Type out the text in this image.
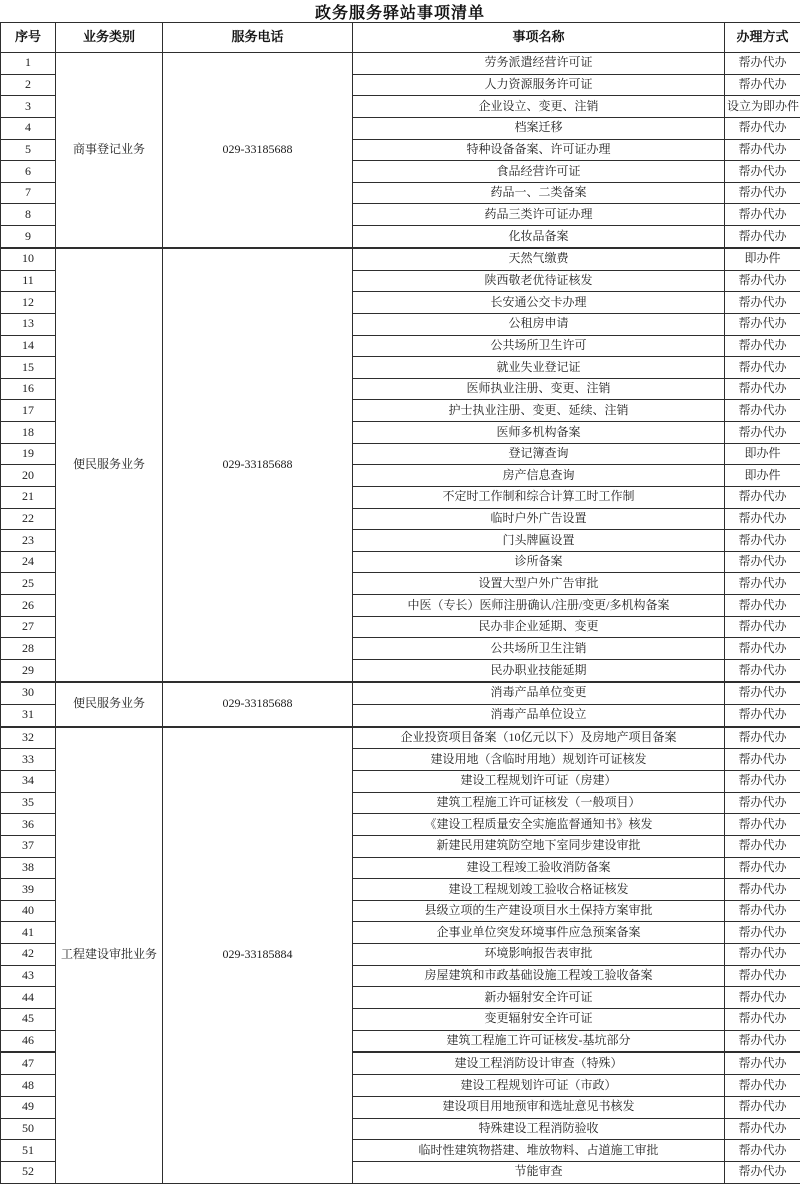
政务服务驿站事项清单
序号	业务类别	服务电话	事项名称	办理方式
1	商事登记业务	029-33185688	劳务派遣经营许可证	帮办代办
2			人力资源服务许可证	帮办代办
3			企业设立、变更、注销	设立为即办件
4			档案迁移	帮办代办
5			特种设备备案、许可证办理	帮办代办
6			食品经营许可证	帮办代办
7			药品一、二类备案	帮办代办
8			药品三类许可证办理	帮办代办
9			化妆品备案	帮办代办
10	便民服务业务	029-33185688	天然气缴费	即办件
11			陕西敬老优待证核发	帮办代办
12			长安通公交卡办理	帮办代办
13			公租房申请	帮办代办
14			公共场所卫生许可	帮办代办
15			就业失业登记证	帮办代办
16			医师执业注册、变更、注销	帮办代办
17			护士执业注册、变更、延续、注销	帮办代办
18			医师多机构备案	帮办代办
19			登记簿查询	即办件
20			房产信息查询	即办件
21			不定时工作制和综合计算工时工作制	帮办代办
22			临时户外广告设置	帮办代办
23			门头牌匾设置	帮办代办
24			诊所备案	帮办代办
25			设置大型户外广告审批	帮办代办
26			中医（专长）医师注册确认/注册/变更/多机构备案	帮办代办
27			民办非企业延期、变更	帮办代办
28			公共场所卫生注销	帮办代办
29			民办职业技能延期	帮办代办
30	便民服务业务	029-33185688	消毒产品单位变更	帮办代办
31			消毒产品单位设立	帮办代办
32	工程建设审批业务	029-33185884	企业投资项目备案（10亿元以下）及房地产项目备案	帮办代办
33			建设用地（含临时用地）规划许可证核发	帮办代办
34			建设工程规划许可证（房建）	帮办代办
35			建筑工程施工许可证核发（一般项目）	帮办代办
36			《建设工程质量安全实施监督通知书》核发	帮办代办
37			新建民用建筑防空地下室同步建设审批	帮办代办
38			建设工程竣工验收消防备案	帮办代办
39			建设工程规划竣工验收合格证核发	帮办代办
40			县级立项的生产建设项目水土保持方案审批	帮办代办
41			企事业单位突发环境事件应急预案备案	帮办代办
42			环境影响报告表审批	帮办代办
43			房屋建筑和市政基础设施工程竣工验收备案	帮办代办
44			新办辐射安全许可证	帮办代办
45			变更辐射安全许可证	帮办代办
46			建筑工程施工许可证核发-基坑部分	帮办代办
47			建设工程消防设计审查（特殊）	帮办代办
48			建设工程规划许可证（市政）	帮办代办
49			建设项目用地预审和选址意见书核发	帮办代办
50			特殊建设工程消防验收	帮办代办
51			临时性建筑物搭建、堆放物料、占道施工审批	帮办代办
52			节能审查	帮办代办
